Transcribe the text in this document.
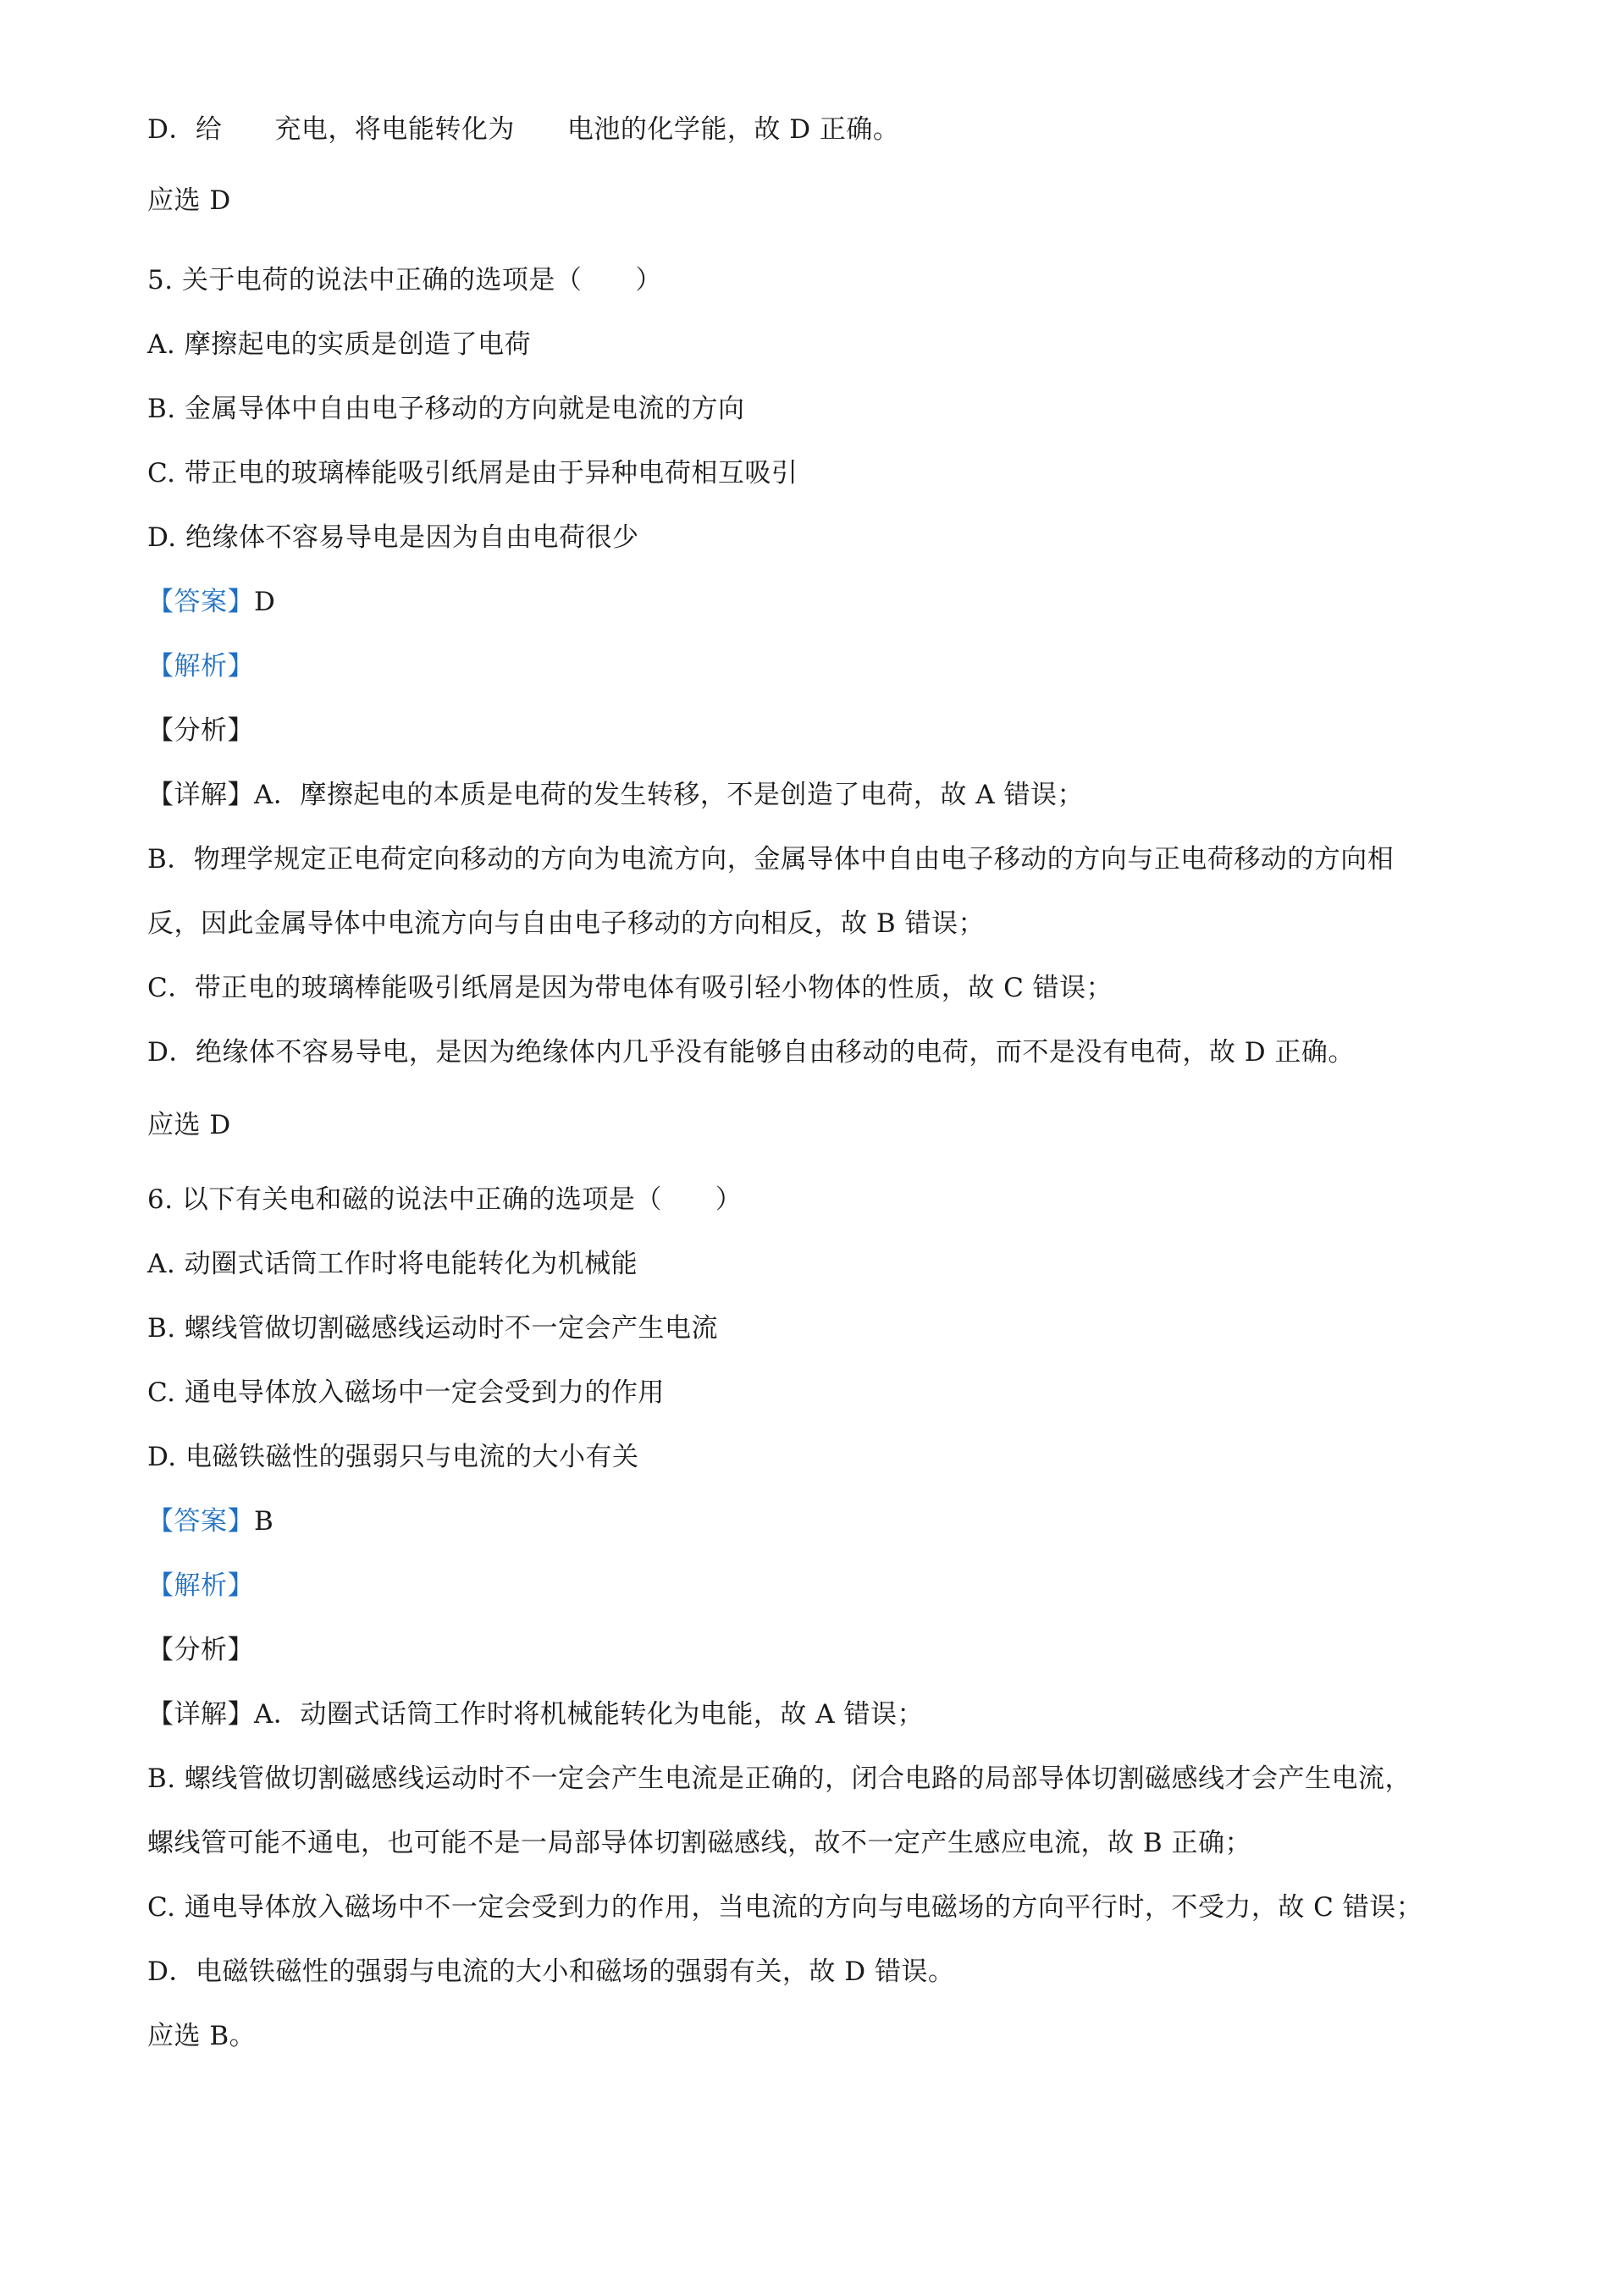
D．给 充电，将电能转化为 电池的化学能，故 D 正确。
应选 D
5. 关于电荷的说法中正确的选项是（　　）
A. 摩擦起电的实质是创造了电荷
B. 金属导体中自由电子移动的方向就是电流的方向
C. 带正电的玻璃棒能吸引纸屑是由于异种电荷相互吸引
D. 绝缘体不容易导电是因为自由电荷很少
【答案】D
【解析】
【分析】
【详解】A．摩擦起电的本质是电荷的发生转移，不是创造了电荷，故 A 错误；
B．物理学规定正电荷定向移动的方向为电流方向，金属导体中自由电子移动的方向与正电荷移动的方向相
反，因此金属导体中电流方向与自由电子移动的方向相反，故 B 错误；
C．带正电的玻璃棒能吸引纸屑是因为带电体有吸引轻小物体的性质，故 C 错误；
D．绝缘体不容易导电，是因为绝缘体内几乎没有能够自由移动的电荷，而不是没有电荷，故 D 正确。
应选 D
6. 以下有关电和磁的说法中正确的选项是（　　）
A. 动圈式话筒工作时将电能转化为机械能
B. 螺线管做切割磁感线运动时不一定会产生电流
C. 通电导体放入磁场中一定会受到力的作用
D. 电磁铁磁性的强弱只与电流的大小有关
【答案】B
【解析】
【分析】
【详解】A．动圈式话筒工作时将机械能转化为电能，故 A 错误；
B. 螺线管做切割磁感线运动时不一定会产生电流是正确的，闭合电路的局部导体切割磁感线才会产生电流，
螺线管可能不通电，也可能不是一局部导体切割磁感线，故不一定产生感应电流，故 B 正确；
C. 通电导体放入磁场中不一定会受到力的作用，当电流的方向与电磁场的方向平行时，不受力，故 C 错误；
D．电磁铁磁性的强弱与电流的大小和磁场的强弱有关，故 D 错误。
应选 B。
